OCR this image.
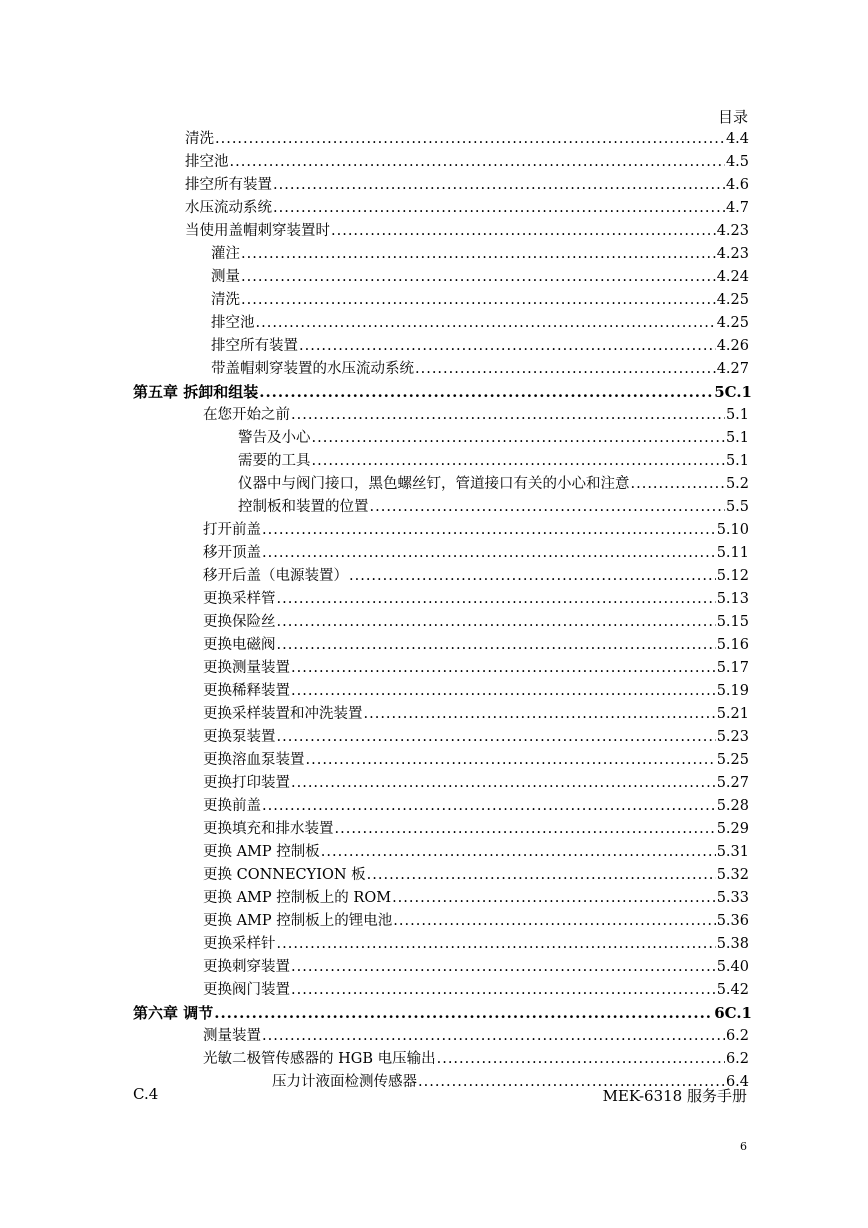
目录
清洗 .....	4.4
排空池 .....	4.5
排空所有装置 .....	4.6
水压流动系统 .....	4.7
当使用盖帽刺穿装置时 .....	4.23
灌注 .....	4.23
测量 .....	4.24
清洗 .....	4.25
排空池 .....	4.25
排空所有装置 .....	4.26
带盖帽刺穿装置的水压流动系统 .....	4.27
第五章 拆卸和组装 .....	5C.1
在您开始之前 .....	5.1
警告及小心 .....	5.1
需要的工具 .....	5.1
仪器中与阀门接口，黑色螺丝钉，管道接口有关的小心和注意 .....	5.2
控制板和装置的位置 .....	5.5
打开前盖 .....	5.10
移开顶盖 .....	5.11
移开后盖（电源装置） .....	5.12
更换采样管 .....	5.13
更换保险丝 .....	5.15
更换电磁阀 .....	5.16
更换测量装置 .....	5.17
更换稀释装置 .....	5.19
更换采样装置和冲洗装置 .....	5.21
更换泵装置 .....	5.23
更换溶血泵装置 .....	5.25
更换打印装置 .....	5.27
更换前盖 .....	5.28
更换填充和排水装置 .....	5.29
更换 AMP 控制板 .....	5.31
更换 CONNECYION 板 .....	5.32
更换 AMP 控制板上的 ROM .....	5.33
更换 AMP 控制板上的锂电池 .....	5.36
更换采样针 .....	5.38
更换刺穿装置 .....	5.40
更换阀门装置 .....	5.42
第六章 调节 .....	6C.1
测量装置 .....	6.2
光敏二极管传感器的 HGB 电压输出 .....	6.2
压力计液面检测传感器 .....	6.4
C.4	MEK-6318 服务手册
6
